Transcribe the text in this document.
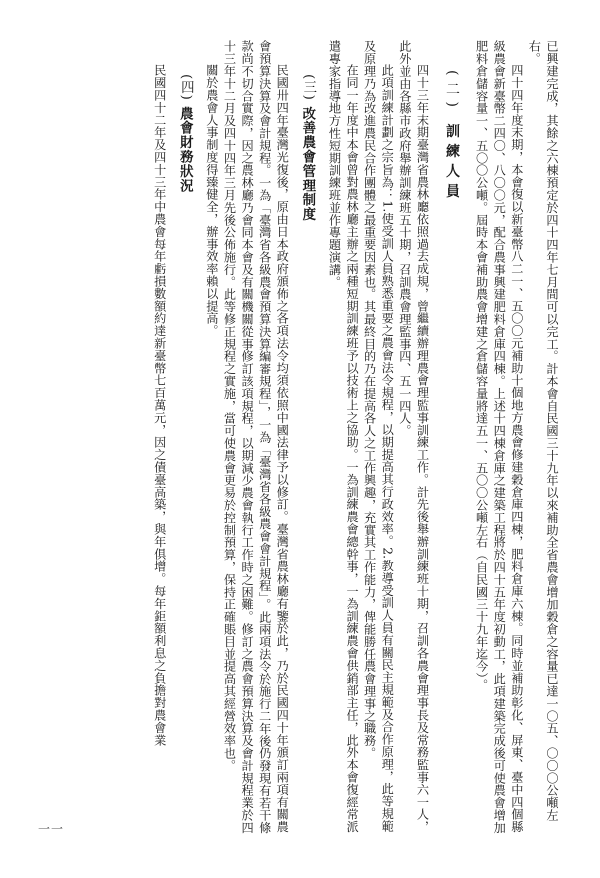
已興建完成，其餘之六棟預定於四十四年七月間可以完工。計本會自民國三十九年以來補助全省農會增加穀倉之容量已達一〇五、〇〇〇公噸左右。

四十四年度末期，本會復以新臺幣八二一、五〇〇元補助十個地方農會修建穀倉庫四棟，肥料倉庫六棟。同時並補助彰化、屏東、臺中四個縣級農會新臺幣二四〇、八〇〇元，配合農事興建肥料倉庫四棟。上述十四棟倉庫之建築工程將於四十五年度初動工，此項建築完成後可使農會增加肥料倉儲容量一、五〇〇公噸。屆時本會補助農會增建之倉儲容量將達五一、五〇〇公噸左右（自民國三十九年迄今）。

(二) 訓練人員

四十三年末期臺灣省農林廳依照過去成規，曾繼續辦理農會理監事訓練工作。計先後舉辦訓練班十期，召訓各農會理事長及常務監事六一人，此外並由各縣市政府舉辦訓練班五十期，召訓農會理監事四、五一四人。

此項訓練計劃之宗旨為：1.使受訓人員熟悉重要之農會法令規程，以期提高其行政效率。2.教導受訓人員有關民主規範及合作原理，此等規範及原理乃為改進農民合作團體之最重要因素也。其最終目的乃在提高各人之工作興趣，充實其工作能力，俾能勝任農會理事之職務。

在同一年度中本會曾對農林廳主辦之兩種短期訓練班予以技術上之協助。一為訓練農會總幹事，一為訓練農會供銷部主任，此外本會復經常派遣專家指導地方性短期訓練班並作專題演講。

(三) 改善農會管理制度

民國卅四年臺灣光復後，原由日本政府頒佈之各項法令均須依照中國法律予以修訂。臺灣省農林廳有鑒於此，乃於民國四十年頒訂兩項有關農會預算決算及會計規程。一為「臺灣省各級農會預算決算編審規程」，一為「臺灣省各級農會會計規程」。此兩項法令於施行二年後仍發現有若干條款尚不切合實際，因之農林廳乃會同本會及有關機關從事修訂該項規程，以期減少農會執行工作時之困難。修訂之農會預算決算及會計規程業於四十三年十二月及四十四年三月先後公佈施行。此等修正規程之實施，當可使農會更易於控制預算，保持正確賬目並提高其經營效率也。

關於農會人事制度得臻健全，辦事效率賴以提高。

(四) 農會財務狀況

民國四十二年及四十三年中農會每年虧損數額約達新臺幣七百萬元，因之債臺高築，與年俱增。每年鉅額利息之負擔對農會業

一一
